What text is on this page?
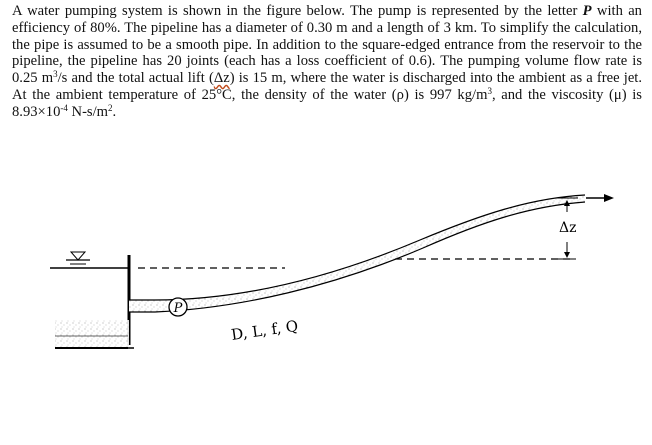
A water pumping system is shown in the figure below. The pump is represented by the letter P with an efficiency of 80%. The pipeline has a diameter of 0.30 m and a length of 3 km. To simplify the calculation, the pipe is assumed to be a smooth pipe. In addition to the square-edged entrance from the reservoir to the pipeline, the pipeline has 20 joints (each has a loss coefficient of 0.6). The pumping volume flow rate is 0.25 $m^3/s$ and the total actual lift (Δz) is 15 m, where the water is discharged into the ambient as a free jet. At the ambient temperature of 25°C, the density of the water (ρ) is 997 $kg/m^3$, and the viscosity (μ) is $8.93\times 10^{-4}$ $N-s/m^2$.

P
D, L, f, Q
Δz
